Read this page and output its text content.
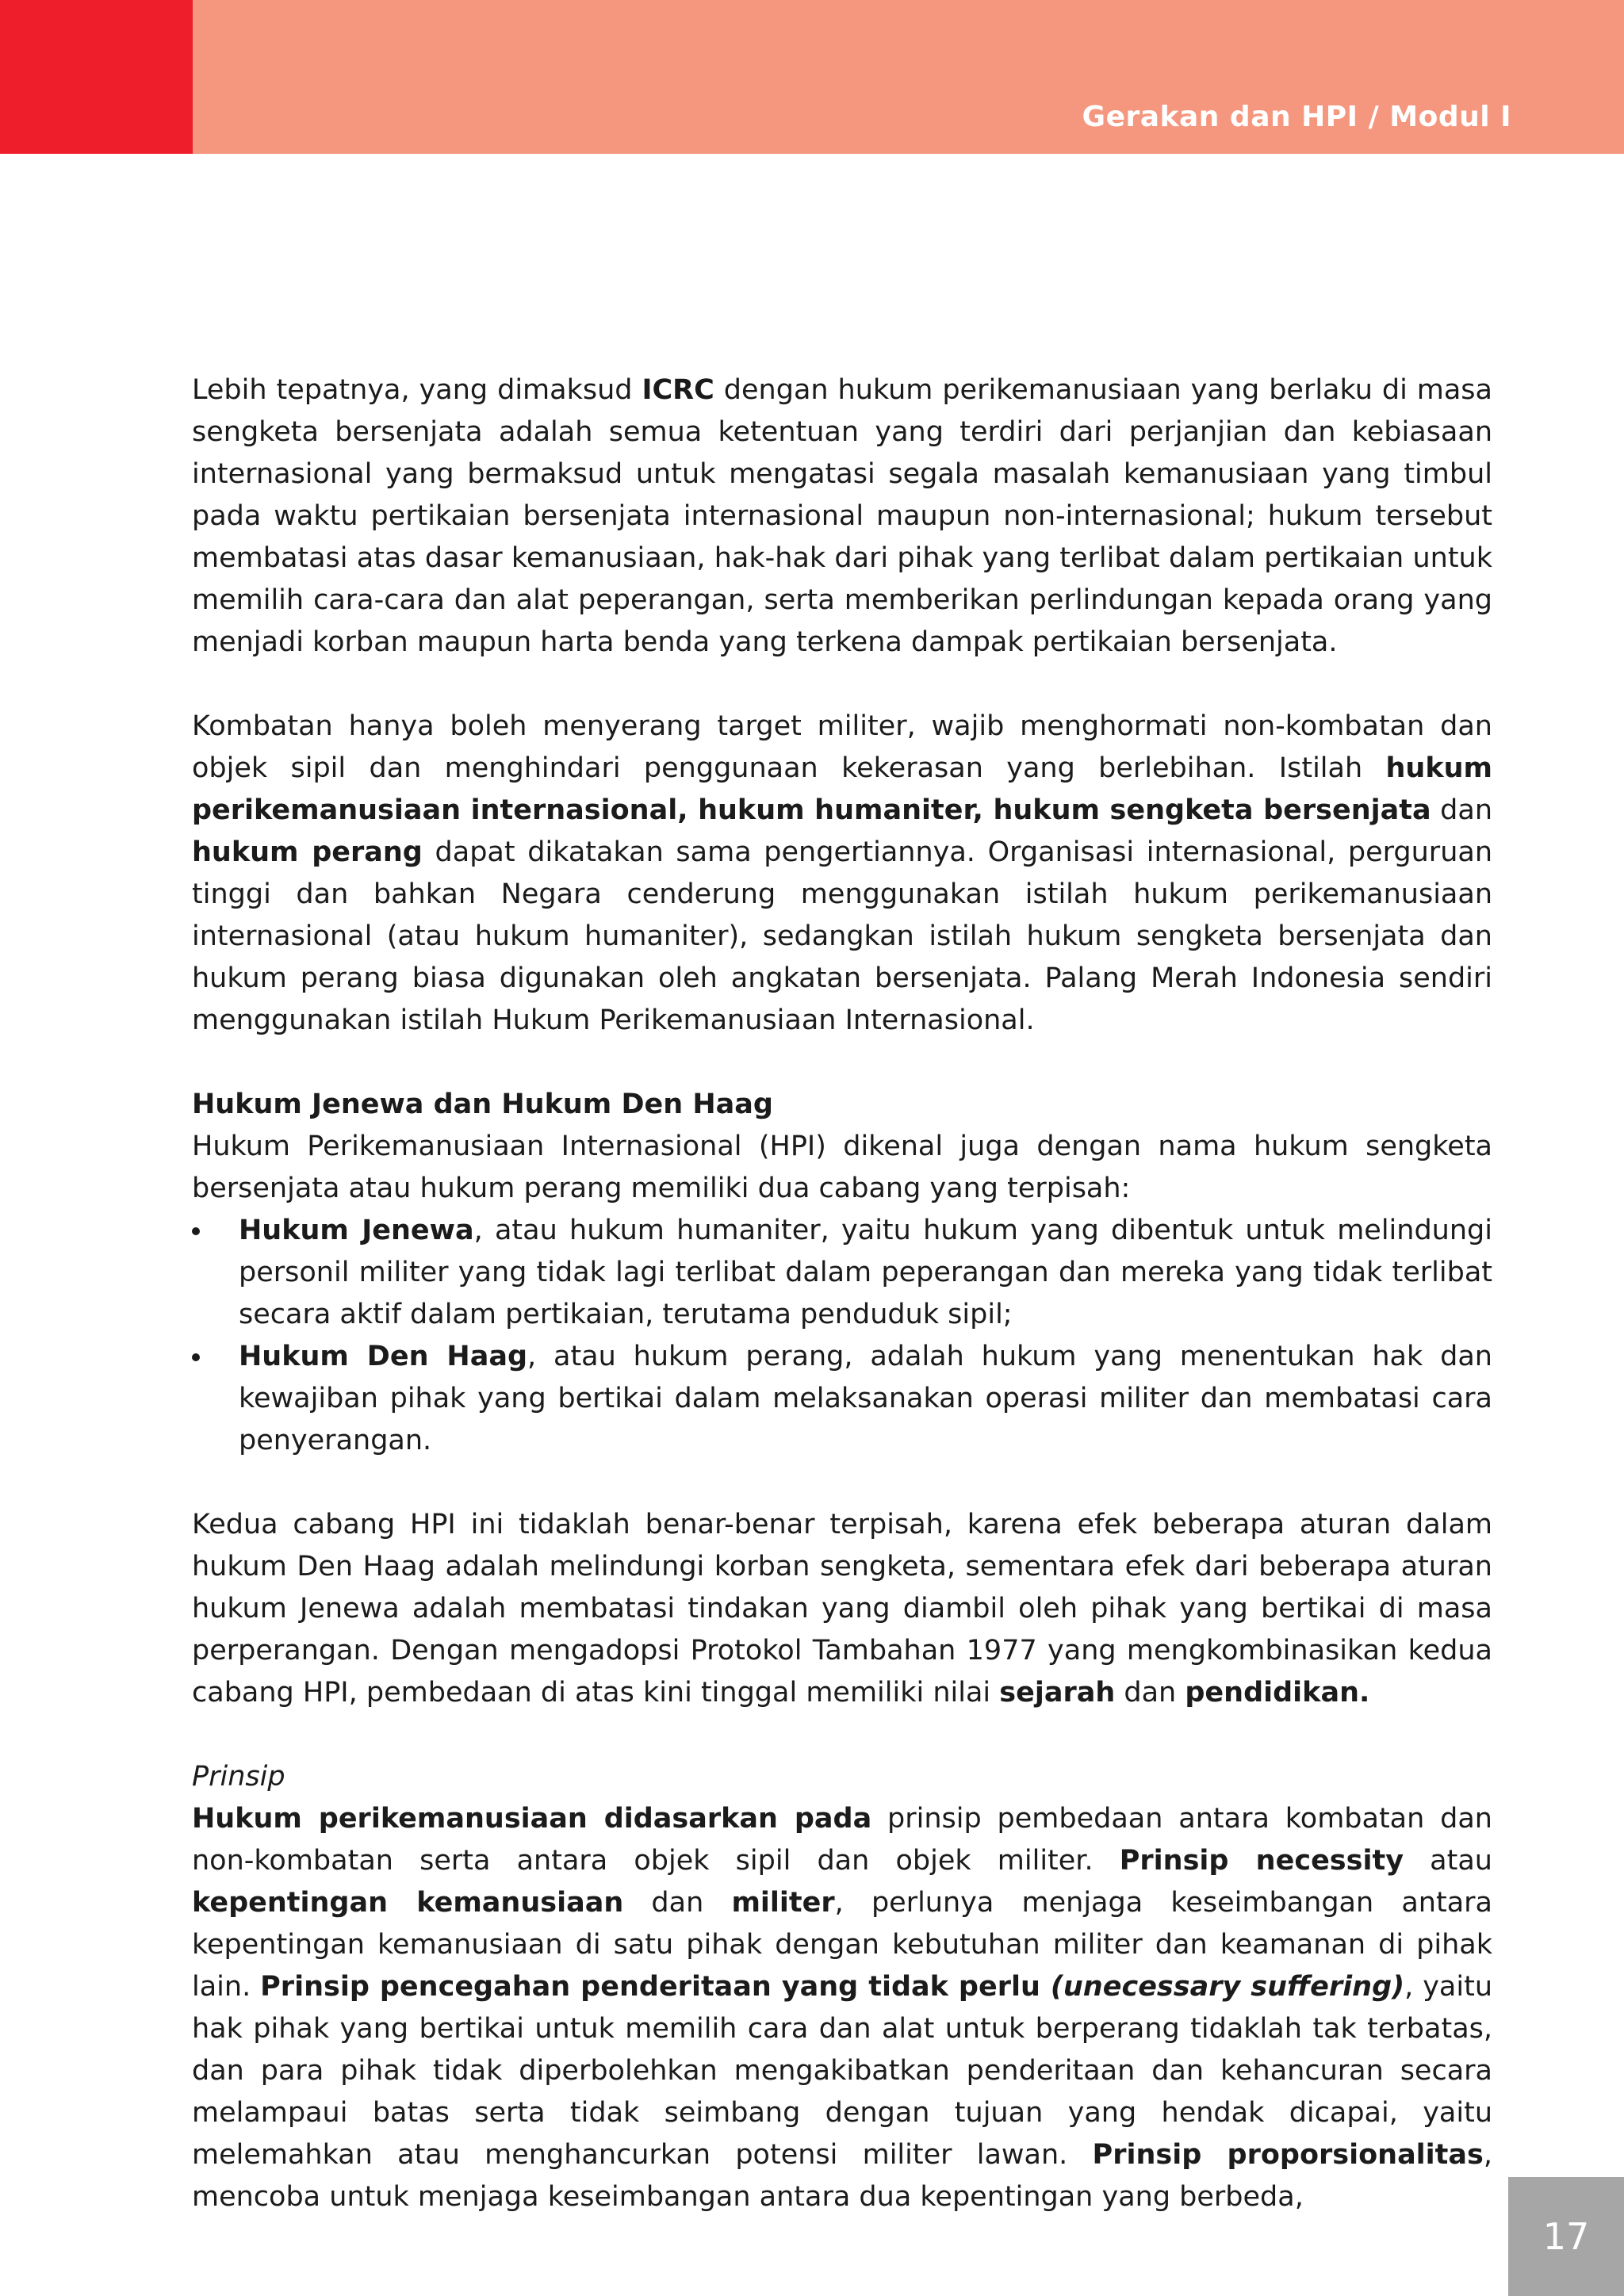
Gerakan dan HPI / Modul I

Lebih tepatnya, yang dimaksud ICRC dengan hukum perikemanusiaan yang berlaku di masa sengketa bersenjata adalah semua ketentuan yang terdiri dari perjanjian dan kebiasaan internasional yang bermaksud untuk mengatasi segala masalah kemanusiaan yang timbul pada waktu pertikaian bersenjata internasional maupun non-internasional; hukum tersebut membatasi atas dasar kemanusiaan, hak-hak dari pihak yang terlibat dalam pertikaian untuk memilih cara-cara dan alat peperangan, serta memberikan perlindungan kepada orang yang menjadi korban maupun harta benda yang terkena dampak pertikaian bersenjata.

Kombatan hanya boleh menyerang target militer, wajib menghormati non-kombatan dan objek sipil dan menghindari penggunaan kekerasan yang berlebihan. Istilah hukum perikemanusiaan internasional, hukum humaniter, hukum sengketa bersenjata dan hukum perang dapat dikatakan sama pengertiannya. Organisasi internasional, perguruan tinggi dan bahkan Negara cenderung menggunakan istilah hukum perikemanusiaan internasional (atau hukum humaniter), sedangkan istilah hukum sengketa bersenjata dan hukum perang biasa digunakan oleh angkatan bersenjata. Palang Merah Indonesia sendiri menggunakan istilah Hukum Perikemanusiaan Internasional.

Hukum Jenewa dan Hukum Den Haag

Hukum Perikemanusiaan Internasional (HPI) dikenal juga dengan nama hukum sengketa bersenjata atau hukum perang memiliki dua cabang yang terpisah:

Hukum Jenewa, atau hukum humaniter, yaitu hukum yang dibentuk untuk melindungi personil militer yang tidak lagi terlibat dalam peperangan dan mereka yang tidak terlibat secara aktif dalam pertikaian, terutama penduduk sipil;
Hukum Den Haag, atau hukum perang, adalah hukum yang menentukan hak dan kewajiban pihak yang bertikai dalam melaksanakan operasi militer dan membatasi cara penyerangan.

Kedua cabang HPI ini tidaklah benar-benar terpisah, karena efek beberapa aturan dalam hukum Den Haag adalah melindungi korban sengketa, sementara efek dari beberapa aturan hukum Jenewa adalah membatasi tindakan yang diambil oleh pihak yang bertikai di masa perperangan. Dengan mengadopsi Protokol Tambahan 1977 yang mengkombinasikan kedua cabang HPI, pembedaan di atas kini tinggal memiliki nilai sejarah dan pendidikan.

Prinsip

Hukum perikemanusiaan didasarkan pada prinsip pembedaan antara kombatan dan non-kombatan serta antara objek sipil dan objek militer. Prinsip necessity atau kepentingan kemanusiaan dan militer, perlunya menjaga keseimbangan antara kepentingan kemanusiaan di satu pihak dengan kebutuhan militer dan keamanan di pihak lain. Prinsip pencegahan penderitaan yang tidak perlu (unecessary suffering), yaitu hak pihak yang bertikai untuk memilih cara dan alat untuk berperang tidaklah tak terbatas, dan para pihak tidak diperbolehkan mengakibatkan penderitaan dan kehancuran secara melampaui batas serta tidak seimbang dengan tujuan yang hendak dicapai, yaitu melemahkan atau menghancurkan potensi militer lawan. Prinsip proporsionalitas, mencoba untuk menjaga keseimbangan antara dua kepentingan yang berbeda,

17
